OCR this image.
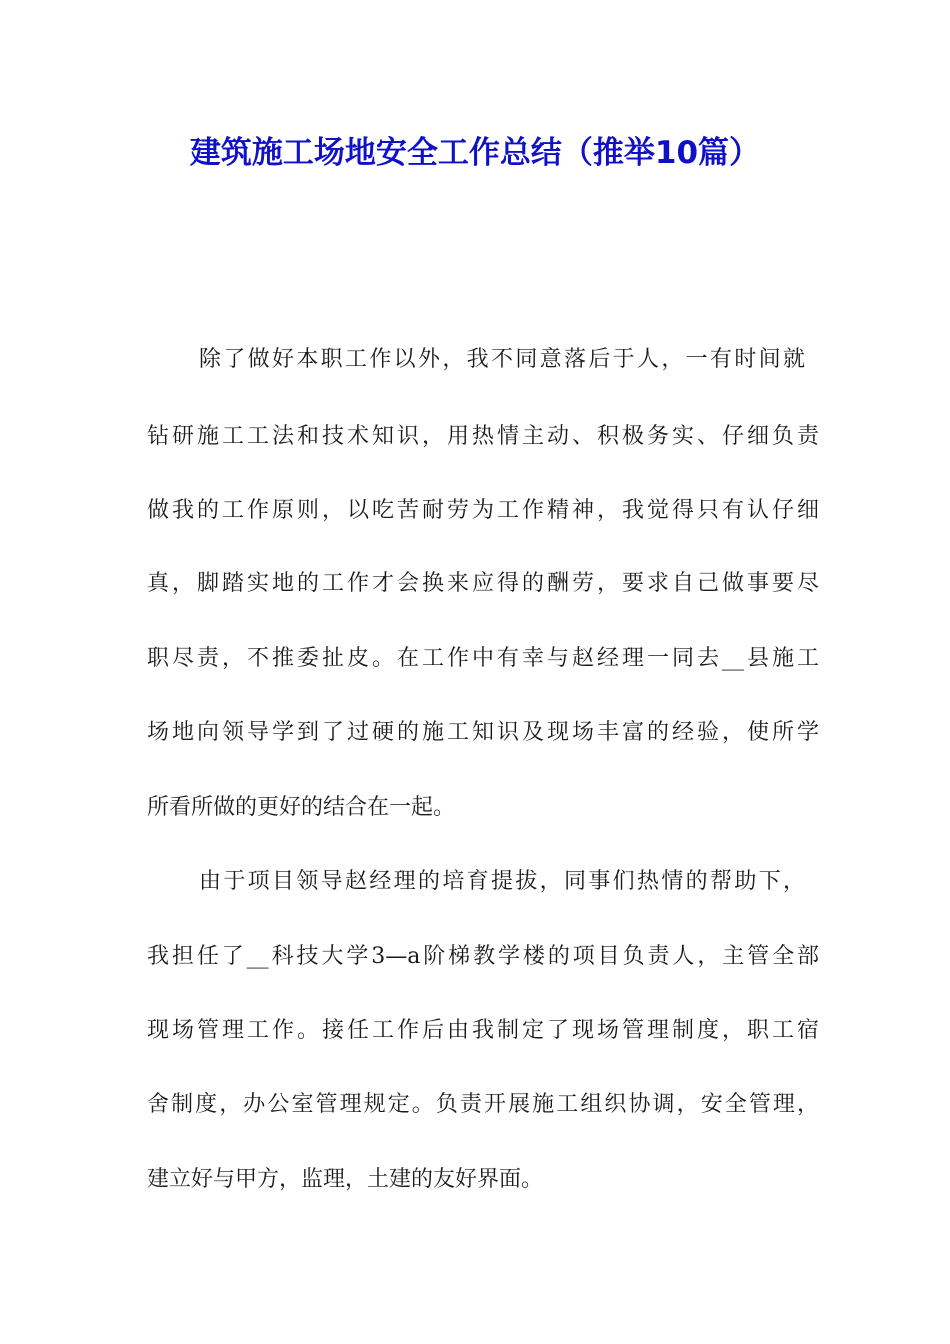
建筑施工场地安全工作总结（推举10篇）

除了做好本职工作以外，我不同意落后于人，一有时间就

钻研施工工法和技术知识，用热情主动、积极务实、仔细负责

做我的工作原则，以吃苦耐劳为工作精神，我觉得只有认仔细

真，脚踏实地的工作才会换来应得的酬劳，要求自己做事要尽

职尽责，不推委扯皮。在工作中有幸与赵经理一同去__县施工

场地向领导学到了过硬的施工知识及现场丰富的经验，使所学

所看所做的更好的结合在一起。

由于项目领导赵经理的培育提拔，同事们热情的帮助下，

我担任了__科技大学3—a阶梯教学楼的项目负责人，主管全部

现场管理工作。接任工作后由我制定了现场管理制度，职工宿

舍制度，办公室管理规定。负责开展施工组织协调，安全管理，

建立好与甲方，监理，土建的友好界面。
